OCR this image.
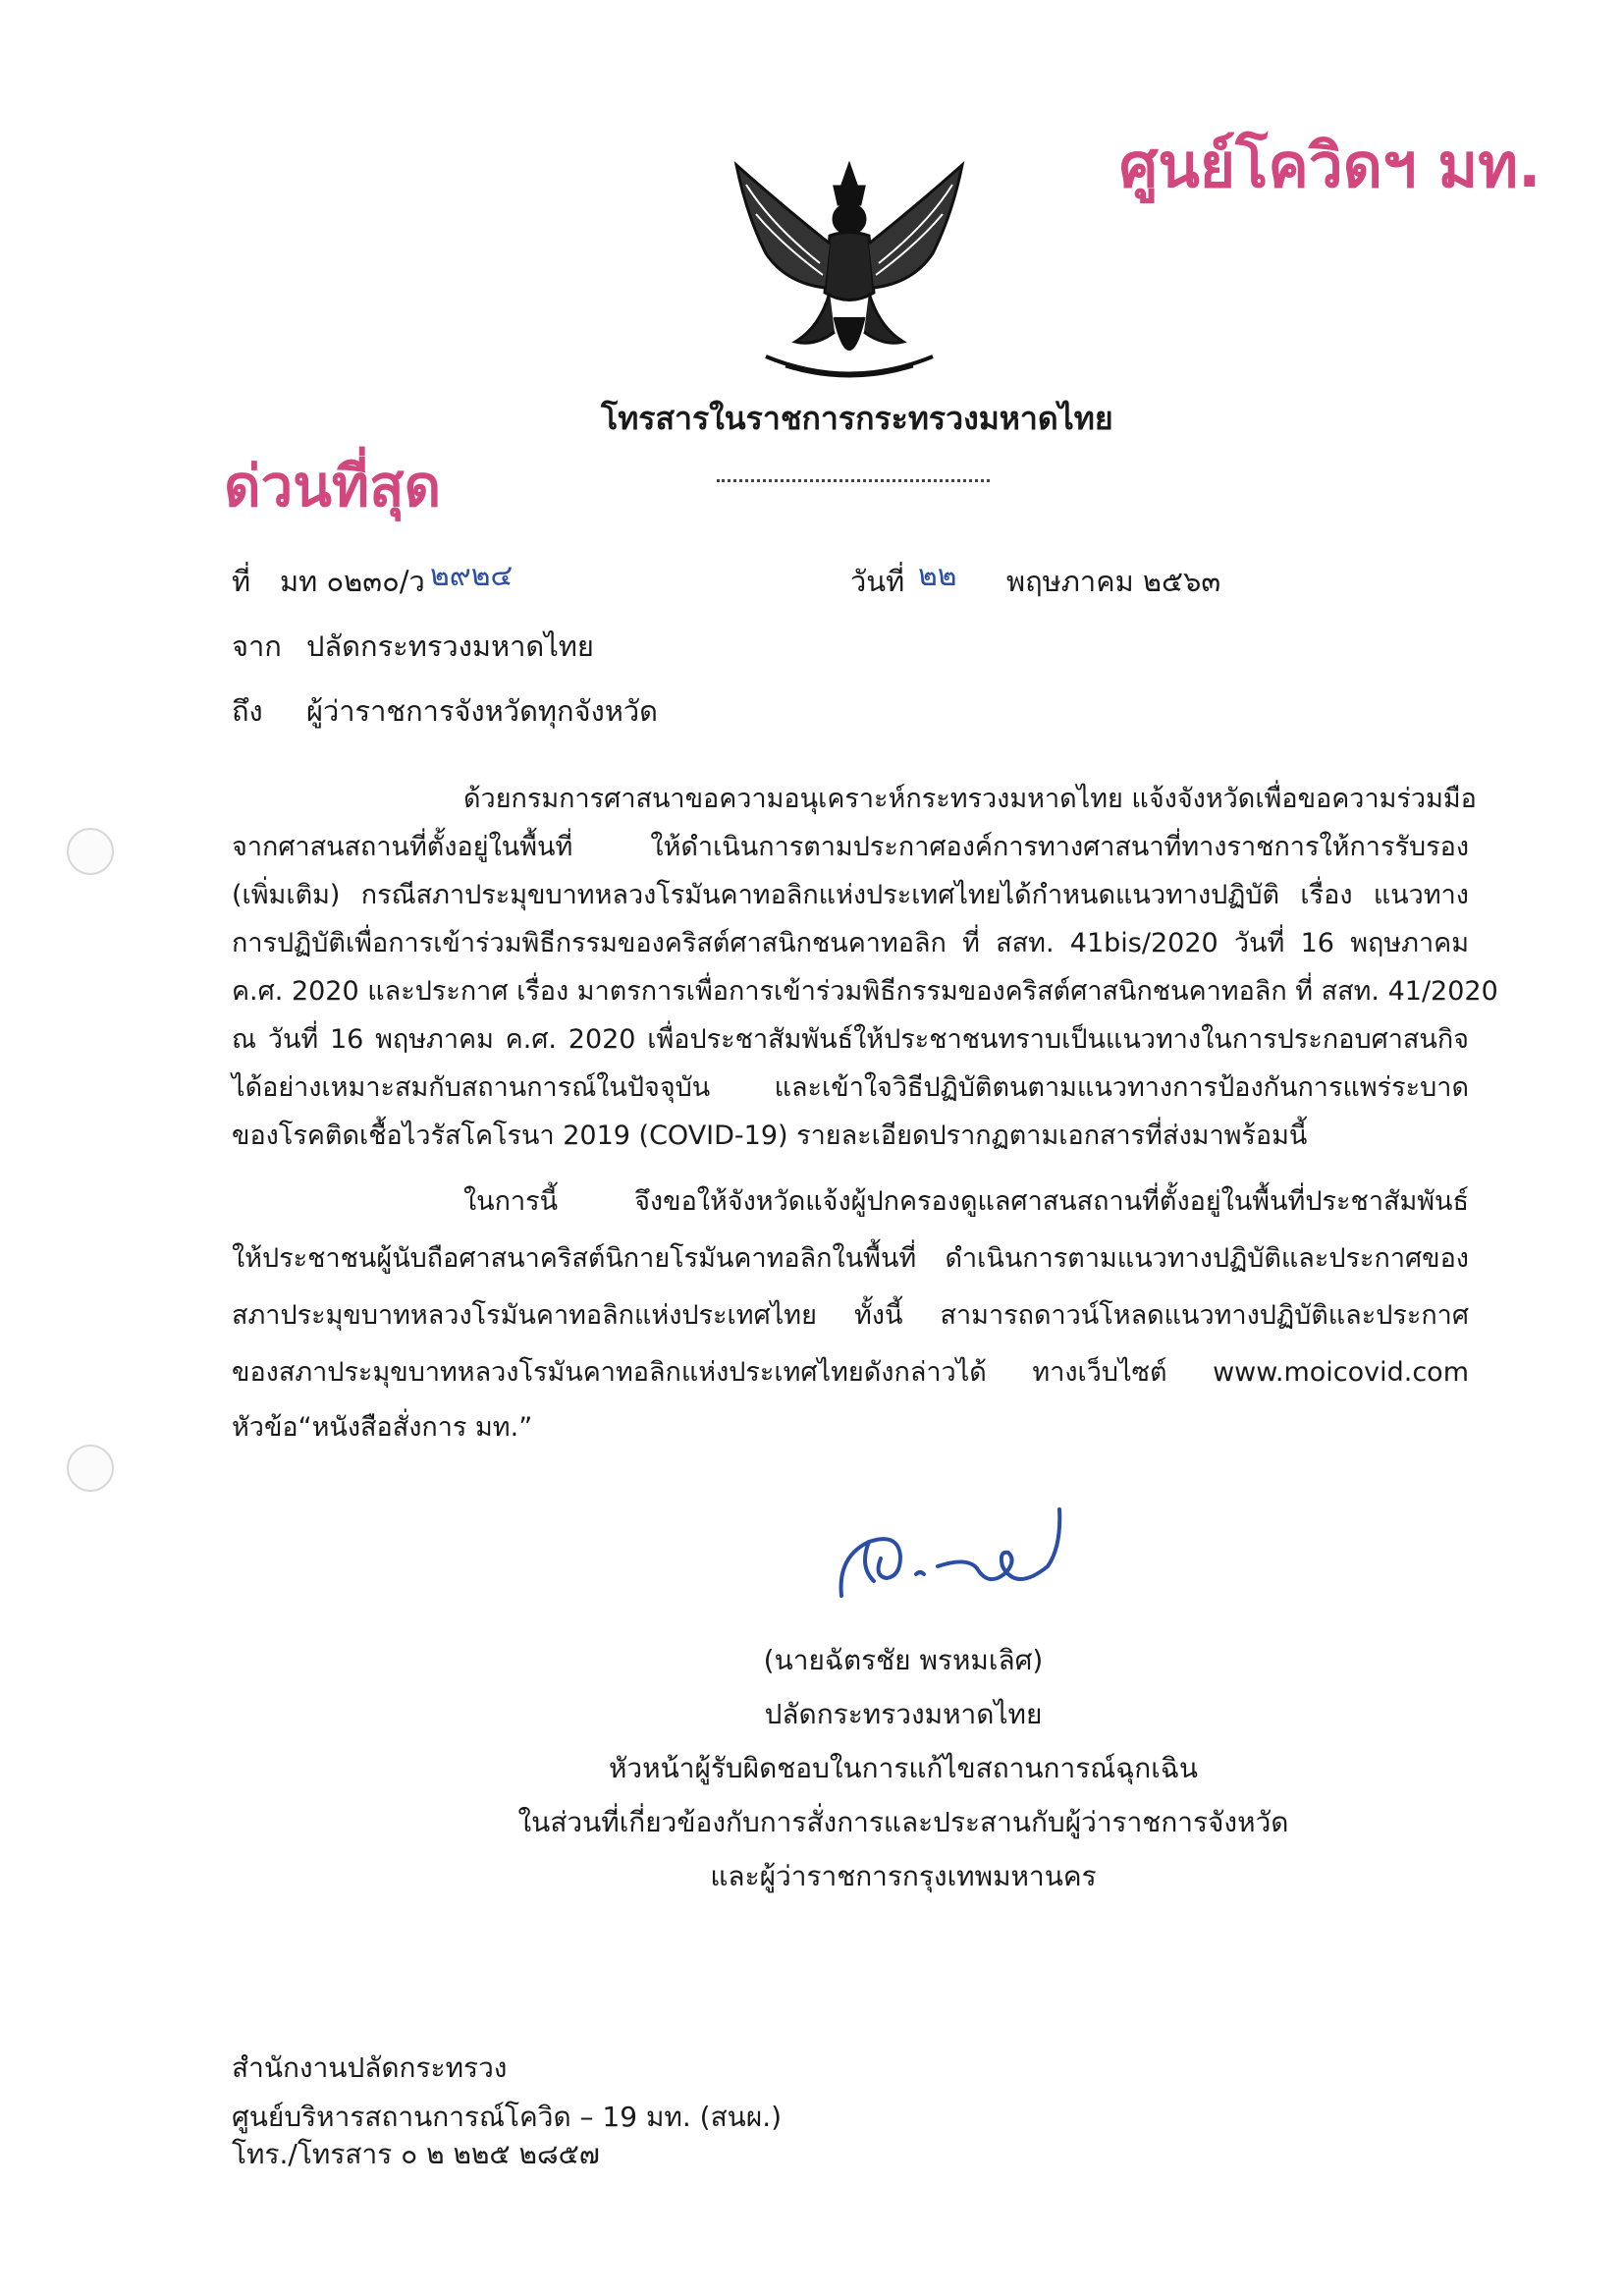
ศูนย์โควิดฯ มท.
โทรสารในราชการกระทรวงมหาดไทย
ด่วนที่สุด
ที่ มท ๐๒๓๐/ว ๒๙๒๔	วันที่ ๒๒ พฤษภาคม ๒๕๖๓
จาก ปลัดกระทรวงมหาดไทย
ถึง ผู้ว่าราชการจังหวัดทุกจังหวัด
ด้วยกรมการศาสนาขอความอนุเคราะห์กระทรวงมหาดไทย แจ้งจังหวัดเพื่อขอความร่วมมือ
จากศาสนสถานที่ตั้งอยู่ในพื้นที่ ให้ดำเนินการตามประกาศองค์การทางศาสนาที่ทางราชการให้การรับรอง
(เพิ่มเติม) กรณีสภาประมุขบาทหลวงโรมันคาทอลิกแห่งประเทศไทยได้กำหนดแนวทางปฏิบัติ เรื่อง แนวทาง
การปฏิบัติเพื่อการเข้าร่วมพิธีกรรมของคริสต์ศาสนิกชนคาทอลิก ที่ สสท. 41bis/2020 วันที่ 16 พฤษภาคม
ค.ศ. 2020 และประกาศ เรื่อง มาตรการเพื่อการเข้าร่วมพิธีกรรมของคริสต์ศาสนิกชนคาทอลิก ที่ สสท. 41/2020
ณ วันที่ 16 พฤษภาคม ค.ศ. 2020 เพื่อประชาสัมพันธ์ให้ประชาชนทราบเป็นแนวทางในการประกอบศาสนกิจ
ได้อย่างเหมาะสมกับสถานการณ์ในปัจจุบัน และเข้าใจวิธีปฏิบัติตนตามแนวทางการป้องกันการแพร่ระบาด
ของโรคติดเชื้อไวรัสโคโรนา 2019 (COVID-19) รายละเอียดปรากฏตามเอกสารที่ส่งมาพร้อมนี้
ในการนี้ จึงขอให้จังหวัดแจ้งผู้ปกครองดูแลศาสนสถานที่ตั้งอยู่ในพื้นที่ประชาสัมพันธ์
ให้ประชาชนผู้นับถือศาสนาคริสต์นิกายโรมันคาทอลิกในพื้นที่ ดำเนินการตามแนวทางปฏิบัติและประกาศของ
สภาประมุขบาทหลวงโรมันคาทอลิกแห่งประเทศไทย ทั้งนี้ สามารถดาวน์โหลดแนวทางปฏิบัติและประกาศ
ของสภาประมุขบาทหลวงโรมันคาทอลิกแห่งประเทศไทยดังกล่าวได้ ทางเว็บไซต์ www.moicovid.com
หัวข้อ“หนังสือสั่งการ มท.”
(นายฉัตรชัย พรหมเลิศ)
ปลัดกระทรวงมหาดไทย
หัวหน้าผู้รับผิดชอบในการแก้ไขสถานการณ์ฉุกเฉิน
ในส่วนที่เกี่ยวข้องกับการสั่งการและประสานกับผู้ว่าราชการจังหวัด
และผู้ว่าราชการกรุงเทพมหานคร
สำนักงานปลัดกระทรวง
ศูนย์บริหารสถานการณ์โควิด – 19 มท. (สนผ.)
โทร./โทรสาร ๐ ๒ ๒๒๕ ๒๘๕๗
